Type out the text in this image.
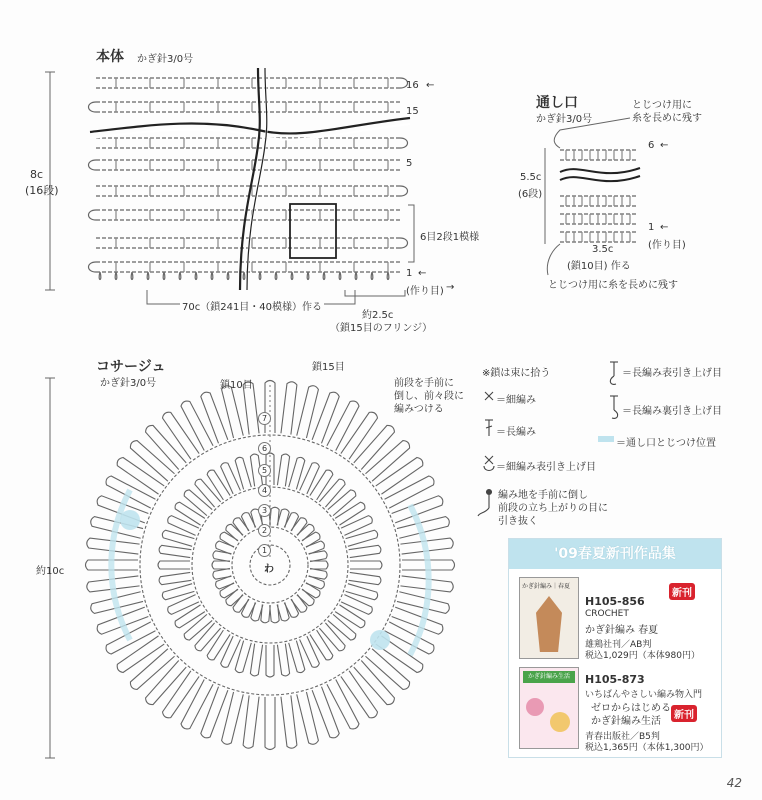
本体 かぎ針3/0号
8c
(16段)
16 ←
15
5
6目2段1模様
1 ←
(作り目) →
70c（鎖241目・40模様）作る
約2.5c
（鎖15目のフリンジ）
通し口
かぎ針3/0号
とじつけ用に
糸を長めに残す
6 ←
5.5c
(6段)
1 ←
(作り目)
3.5c
(鎖10目) 作る
とじつけ用に糸を長めに残す
コサージュ
かぎ針3/0号	鎖10目
鎖15目
前段を手前に
倒し、前々段に
編みつける
約10c	わ
1
2
3
4
5
6
7
※鎖は束に拾う
＝細編み
＝長編み
＝細編み表引き上げ目
＝長編み表引き上げ目
＝長編み裏引き上げ目
＝通し口とじつけ位置
編み地を手前に倒し
前段の立ち上がりの目に
引き抜く
'09春夏新刊作品集
かぎ針編み｜春夏
新刊
H105-856
CROCHET
かぎ針編み 春夏
雄鶏社刊／AB判
税込1,029円（本体980円）
かぎ針編み生活	H105-873
いちばんやさしい編み物入門
ゼロからはじめる
かぎ針編み生活
新刊
青春出版社／B5判
税込1,365円（本体1,300円）
42
